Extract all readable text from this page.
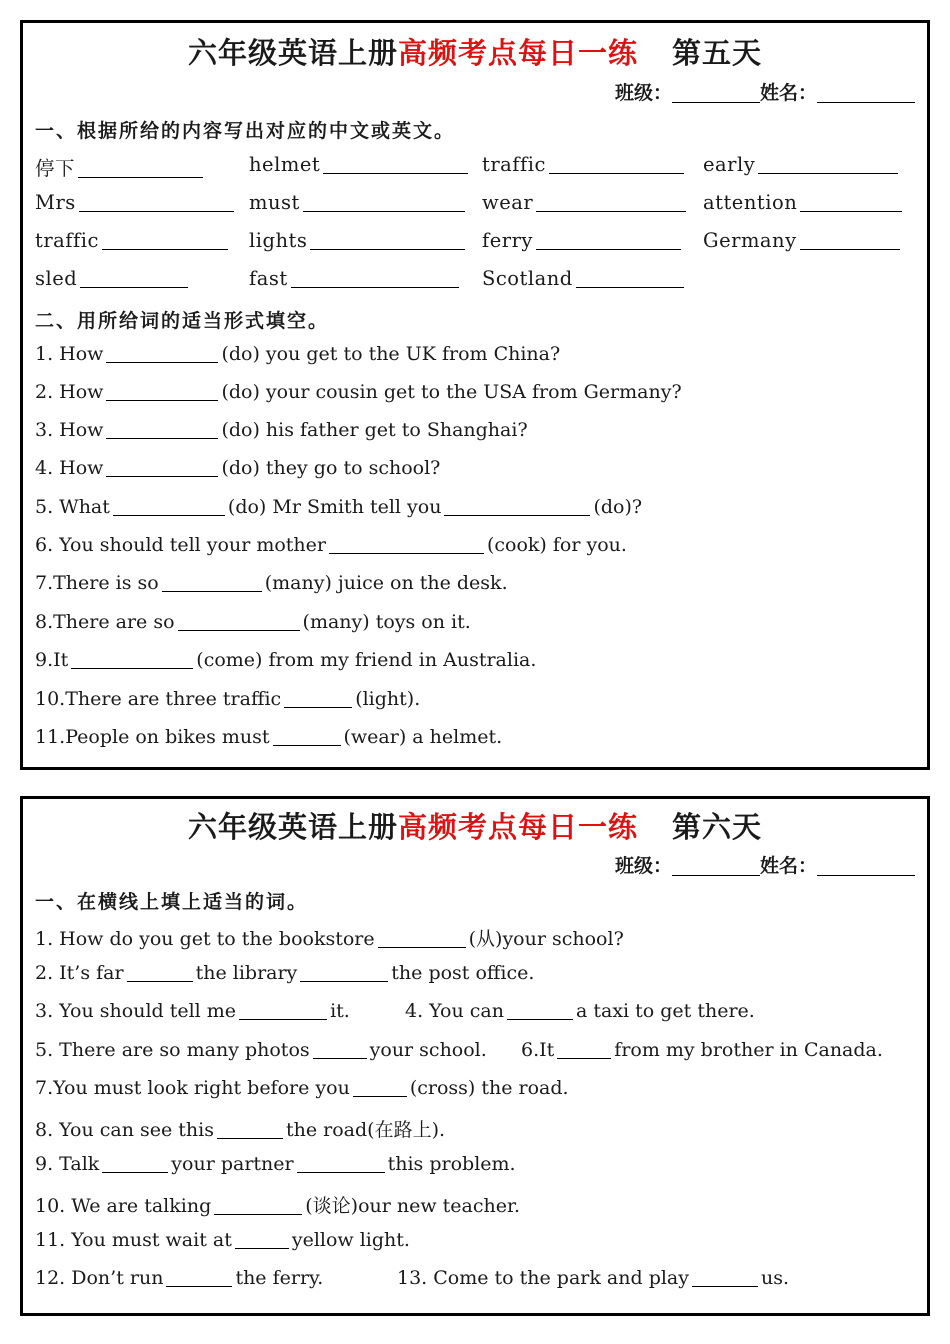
六年级英语上册高频考点每日一练 第五天
班级：	姓名：
一、根据所给的内容写出对应的中文或英文。
停下	helmet	traffic	early
Mrs	must	wear	attention
traffic	lights	ferry	Germany
sled	fast	Scotland
二、用所给词的适当形式填空。
1. How	(do) you get to the UK from China?
2. How	(do) your cousin get to the USA from Germany?
3. How	(do) his father get to Shanghai?
4. How	(do) they go to school?
5. What	(do) Mr Smith tell you	(do)?
6. You should tell your mother	(cook) for you.
7.There is so	(many) juice on the desk.
8.There are so	(many) toys on it.
9.It	(come) from my friend in Australia.
10.There are three traffic	(light).
11.People on bikes must	(wear) a helmet.
六年级英语上册高频考点每日一练 第六天
班级：	姓名：
一、在横线上填上适当的词。
1. How do you get to the bookstore	(从)your school?
2. It’s far	the library	the post office.
3. You should tell me	it.	4. You can	a taxi to get there.
5. There are so many photos	your school. 6.It	from my brother in Canada.
7.You must look right before you	(cross) the road.
8. You can see this	the road(在路上).
9. Talk	your partner	this problem.
10. We are talking	(谈论)our new teacher.
11. You must wait at	yellow light.
12. Don’t run	the ferry.	13. Come to the park and play	us.
